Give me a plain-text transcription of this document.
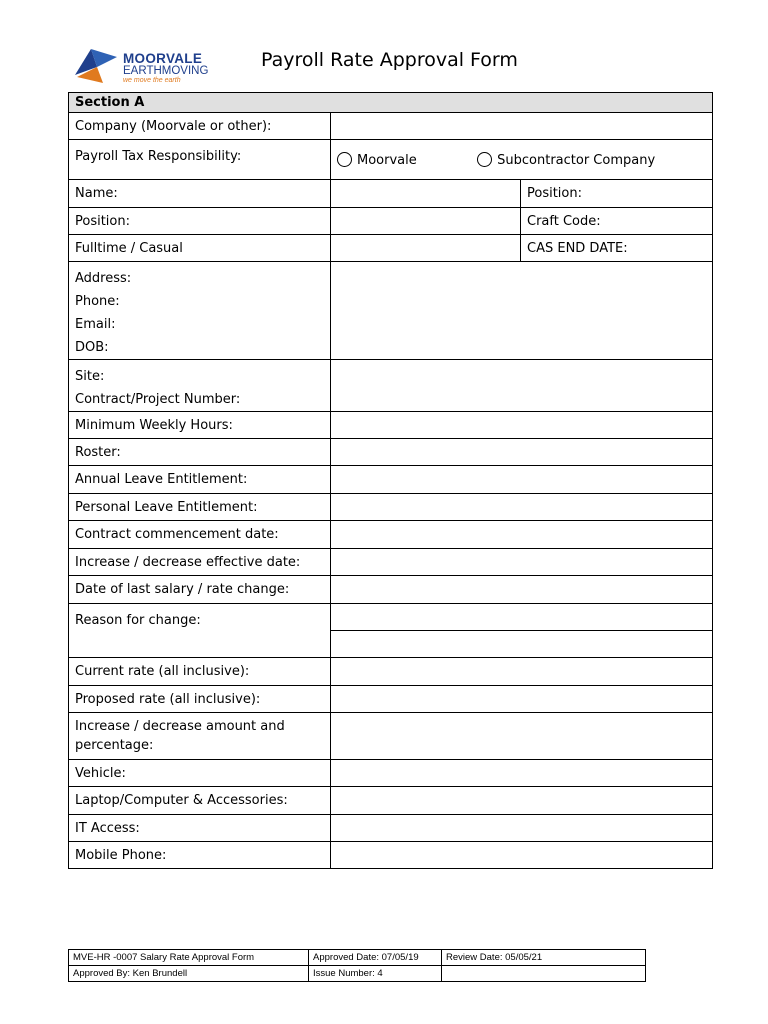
MOORVALE
EARTHMOVING
we move the earth
Payroll Rate Approval Form
Section A		
Company (Moorvale or other):		
Payroll Tax Responsibility:	Moorvale Subcontractor Company	
Name:		Position:
Position:		Craft Code:
Fulltime / Casual		CAS END DATE:

Address:
Phone:
Email:
DOB:		

Site:
Contract/Project Number:		

Minimum Weekly Hours:		
Roster:		
Annual Leave Entitlement:		
Personal Leave Entitlement:		
Contract commencement date:		
Increase / decrease effective date:		
Date of last salary / rate change:		
Reason for change:		

Current rate (all inclusive):		
Proposed rate (all inclusive):		

Increase / decrease amount and
percentage:		

Vehicle:		
Laptop/Computer & Accessories:		
IT Access:		
Mobile Phone:		
MVE-HR -0007 Salary Rate Approval Form	Approved Date: 07/05/19	Review Date: 05/05/21
Approved By: Ken Brundell	Issue Number: 4	
